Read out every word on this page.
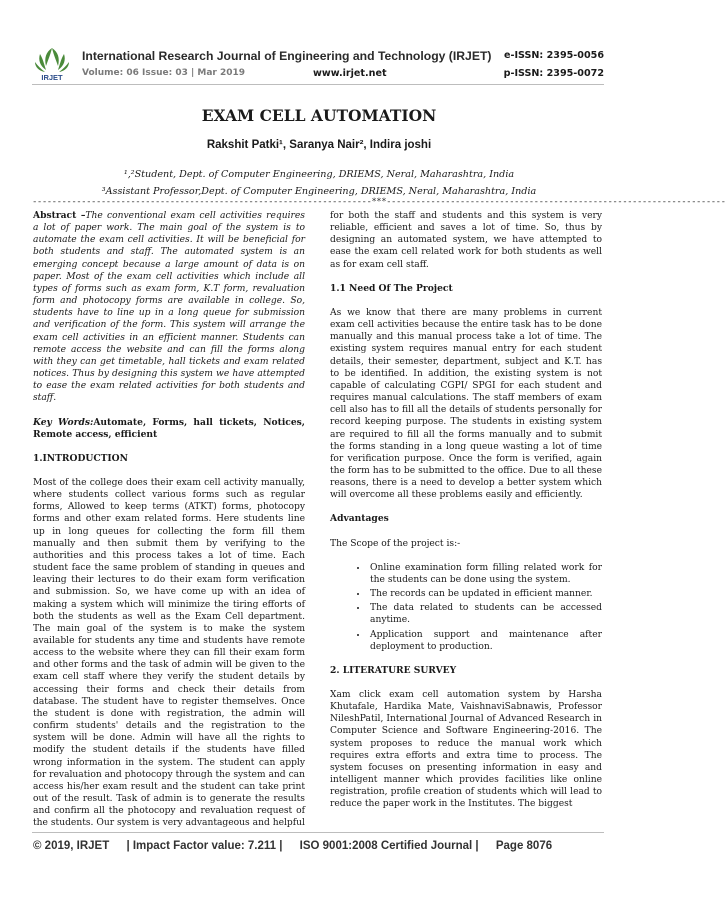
IRJET
International Research Journal of Engineering and Technology (IRJET) e-ISSN: 2395-0056
Volume: 06 Issue: 03 | Mar 2019	www.irjet.net	p-ISSN: 2395-0072
EXAM CELL AUTOMATION
Rakshit Patki¹, Saranya Nair², Indira joshi
¹,²Student, Dept. of Computer Engineering, DRIEMS, Neral, Maharashtra, India
³Assistant Professor,Dept. of Computer Engineering, DRIEMS, Neral, Maharashtra, India
---------------------------------------------------------------------***---------------------------------------------------------------------

Abstract –The conventional exam cell activities requires a lot of paper work. The main goal of the system is to automate the exam cell activities. It will be beneficial for both students and staff. The automated system is an emerging concept because a large amount of data is on paper. Most of the exam cell activities which include all types of forms such as exam form, K.T form, revaluation form and photocopy forms are available in college. So, students have to line up in a long queue for submission and verification of the form. This system will arrange the exam cell activities in an efficient manner. Students can remote access the website and can fill the forms along with they can get timetable, hall tickets and exam related notices. Thus by designing this system we have attempted to ease the exam related activities for both students and staff.

Key Words:Automate, Forms, hall tickets, Notices, Remote access, efficient

1.INTRODUCTION

Most of the college does their exam cell activity manually, where students collect various forms such as regular forms, Allowed to keep terms (ATKT) forms, photocopy forms and other exam related forms. Here students line up in long queues for collecting the form fill them manually and then submit them by verifying to the authorities and this process takes a lot of time. Each student face the same problem of standing in queues and leaving their lectures to do their exam form verification and submission. So, we have come up with an idea of making a system which will minimize the tiring efforts of both the students as well as the Exam Cell department. The main goal of the system is to make the system available for students any time and students have remote access to the website where they can fill their exam form and other forms and the task of admin will be given to the exam cell staff where they verify the student details by accessing their forms and check their details from database. The student have to register themselves. Once the student is done with registration, the admin will confirm students' details and the registration to the system will be done. Admin will have all the rights to modify the student details if the students have filled wrong information in the system. The student can apply for revaluation and photocopy through the system and can access his/her exam result and the student can take print out of the result. Task of admin is to generate the results and confirm all the photocopy and revaluation request of the students. Our system is very advantageous and helpful

for both the staff and students and this system is very reliable, efficient and saves a lot of time. So, thus by designing an automated system, we have attempted to ease the exam cell related work for both students as well as for exam cell staff.

1.1 Need Of The Project

As we know that there are many problems in current exam cell activities because the entire task has to be done manually and this manual process take a lot of time. The existing system requires manual entry for each student details, their semester, department, subject and K.T. has to be identified. In addition, the existing system is not capable of calculating CGPI/ SPGI for each student and requires manual calculations. The staff members of exam cell also has to fill all the details of students personally for record keeping purpose. The students in existing system are required to fill all the forms manually and to submit the forms standing in a long queue wasting a lot of time for verification purpose. Once the form is verified, again the form has to be submitted to the office. Due to all these reasons, there is a need to develop a better system which will overcome all these problems easily and efficiently.

Advantages

The Scope of the project is:-

• Online examination form filling related work for the students can be done using the system.
• The records can be updated in efficient manner.
• The data related to students can be accessed anytime.
• Application support and maintenance after deployment to production.
2. LITERATURE SURVEY

Xam click exam cell automation system by Harsha Khutafale, Hardika Mate, VaishnaviSabnawis, Professor NileshPatil, International Journal of Advanced Research in Computer Science and Software Engineering-2016. The system proposes to reduce the manual work which requires extra efforts and extra time to process. The system focuses on presenting information in easy and intelligent manner which provides facilities like online registration, profile creation of students which will lead to reduce the paper work in the Institutes. The biggest

© 2019, IRJET | Impact Factor value: 7.211 | ISO 9001:2008 Certified Journal | Page 8076
